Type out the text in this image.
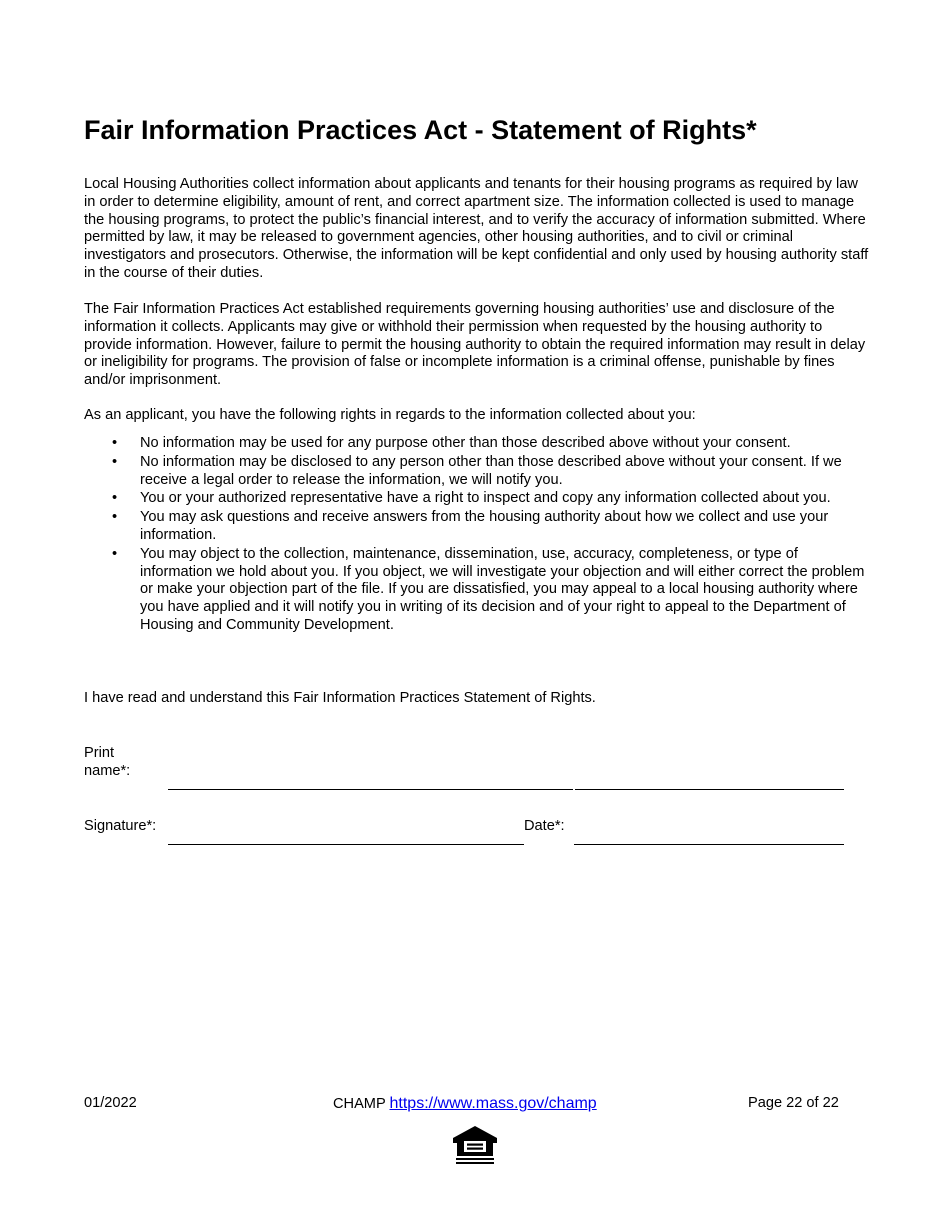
Fair Information Practices Act - Statement of Rights*

Local Housing Authorities collect information about applicants and tenants for their housing programs as required by law in order to determine eligibility, amount of rent, and correct apartment size. The information collected is used to manage the housing programs, to protect the public’s financial interest, and to verify the accuracy of information submitted. Where permitted by law, it may be released to government agencies, other housing authorities, and to civil or criminal investigators and prosecutors. Otherwise, the information will be kept confidential and only used by housing authority staff in the course of their duties.

The Fair Information Practices Act established requirements governing housing authorities’ use and disclosure of the information it collects. Applicants may give or withhold their permission when requested by the housing authority to provide information. However, failure to permit the housing authority to obtain the required information may result in delay or ineligibility for programs. The provision of false or incomplete information is a criminal offense, punishable by fines and/or imprisonment.

As an applicant, you have the following rights in regards to the information collected about you:

• No information may be used for any purpose other than those described above without your consent.
• No information may be disclosed to any person other than those described above without your consent. If we receive a legal order to release the information, we will notify you.
• You or your authorized representative have a right to inspect and copy any information collected about you.
• You may ask questions and receive answers from the housing authority about how we collect and use your information.
• You may object to the collection, maintenance, dissemination, use, accuracy, completeness, or type of information we hold about you. If you object, we will investigate your objection and will either correct the problem or make your objection part of the file. If you are dissatisfied, you may appeal to a local housing authority where you have applied and it will notify you in writing of its decision and of your right to appeal to the Department of Housing and Community Development.

I have read and understand this Fair Information Practices Statement of Rights.

Print
name*:
Signature*:	Date*:
01/2022	CHAMP https://www.mass.gov/champ	Page 22 of 22
